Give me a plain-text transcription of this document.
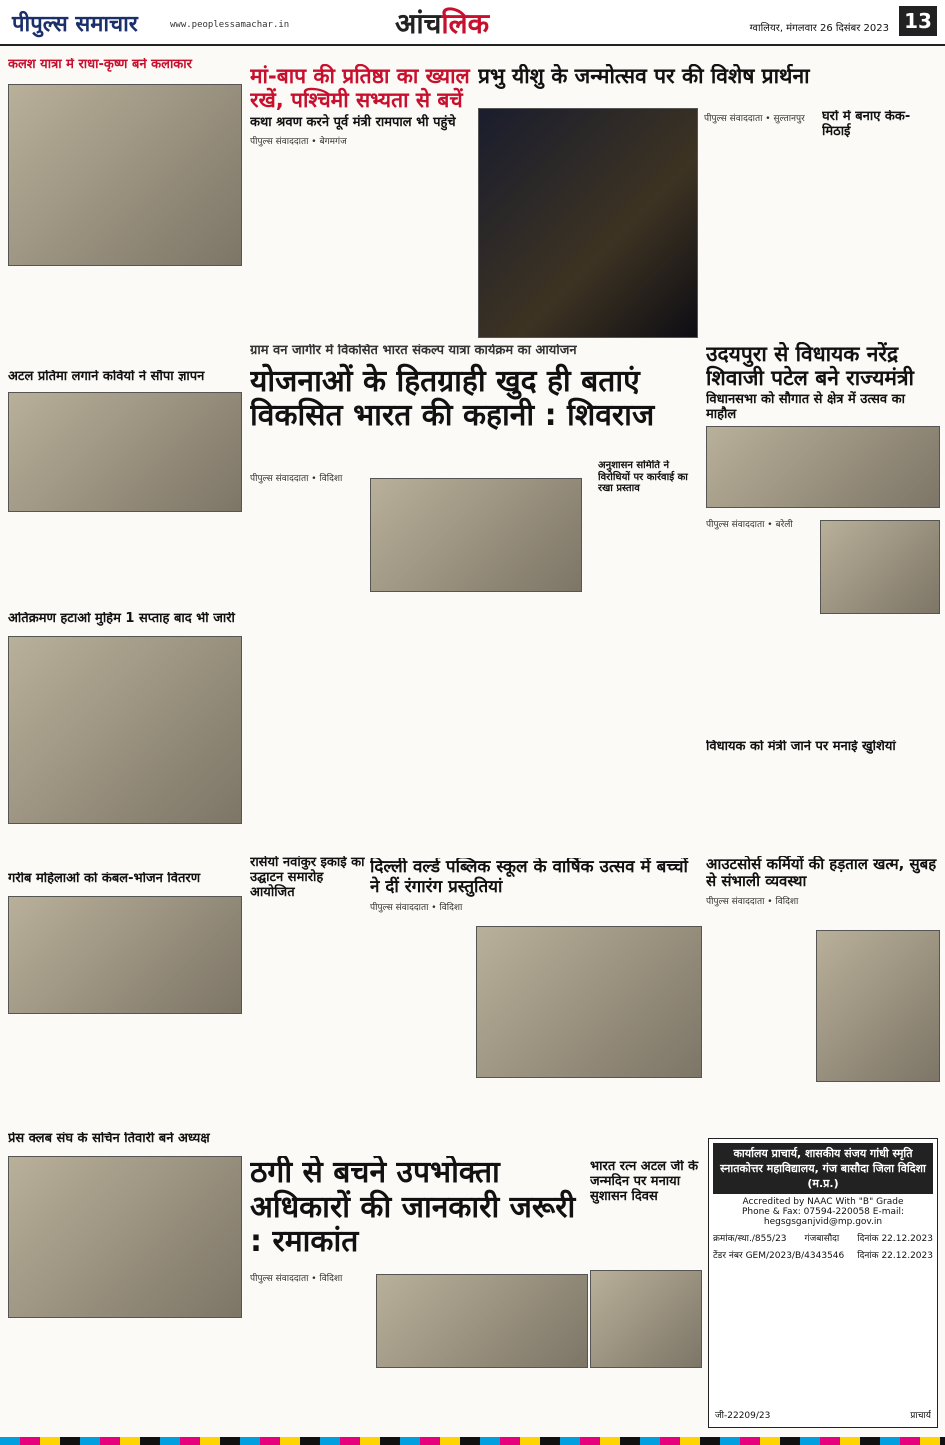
पीपुल्स समाचार	www.peoplessamachar.in	आंचलिक	ग्वालियर, मंगलवार 26 दिसंबर 2023 13
कलश यात्रा में राधा-कृष्ण बने कलाकार
अटल प्रतिमा लगाने कवियों ने सौंपा ज्ञापन
अतिक्रमण हटाओ मुहिम 1 सप्ताह बाद भी जारी
गरीब महिलाओं को कंबल-भोजन वितरण
प्रेस क्लब संघ के सचिन तिवारी बने अध्यक्ष
मां-बाप की प्रतिष्ठा का ख्याल रखें, पश्चिमी सभ्यता से बचें
कथा श्रवण करने पूर्व मंत्री रामपाल भी पहुंचे
पीपुल्स संवाददाता • बेगमगंज
प्रभु यीशु के जन्मोत्सव पर की विशेष प्रार्थना
पीपुल्स संवाददाता • सुल्तानपुर	घरों में बनाए केक-मिठाई
ग्राम वन जागीर में विकसित भारत संकल्प यात्रा कार्यक्रम का आयोजन
योजनाओं के हितग्राही खुद ही बताएं विकसित भारत की कहानी : शिवराज
पीपुल्स संवाददाता • विदिशा
अनुशासन समिति ने विरोधियों पर कार्रवाई का रखा प्रस्ताव
उदयपुरा से विधायक नरेंद्र शिवाजी पटेल बने राज्यमंत्री
विधानसभा को सौगात से क्षेत्र में उत्सव का माहौल
पीपुल्स संवाददाता • बरेली
विधायक को मंत्री जाने पर मनाई खुशियां
आउटसोर्स कर्मियों की हड़ताल खत्म, सुबह से संभाली व्यवस्था
पीपुल्स संवाददाता • विदिशा
रासेयो नवांकुर इकाई का उद्घाटन समारोह आयोजित
दिल्ली वर्ल्ड पब्लिक स्कूल के वार्षिक उत्सव में बच्चों ने दीं रंगारंग प्रस्तुतियां
पीपुल्स संवाददाता • विदिशा
ठगी से बचने उपभोक्ता अधिकारों की जानकारी जरूरी : रमाकांत
पीपुल्स संवाददाता • विदिशा
भारत रत्न अटल जी के जन्मदिन पर मनाया सुशासन दिवस
कार्यालय प्राचार्य, शासकीय संजय गांधी स्मृति स्नातकोत्तर महाविद्यालय, गंज बासौदा जिला विदिशा (म.प्र.)
Accredited by NAAC With "B" Grade
Phone & Fax: 07594-220058 E-mail: hegsgsganjvid@mp.gov.in
क्रमांक/स्था./855/23 गंजबासौदा दिनांक 22.12.2023
टेंडर नंबर GEM/2023/B/4343546 दिनांक 22.12.2023
प्राचार्य
जी-22209/23
